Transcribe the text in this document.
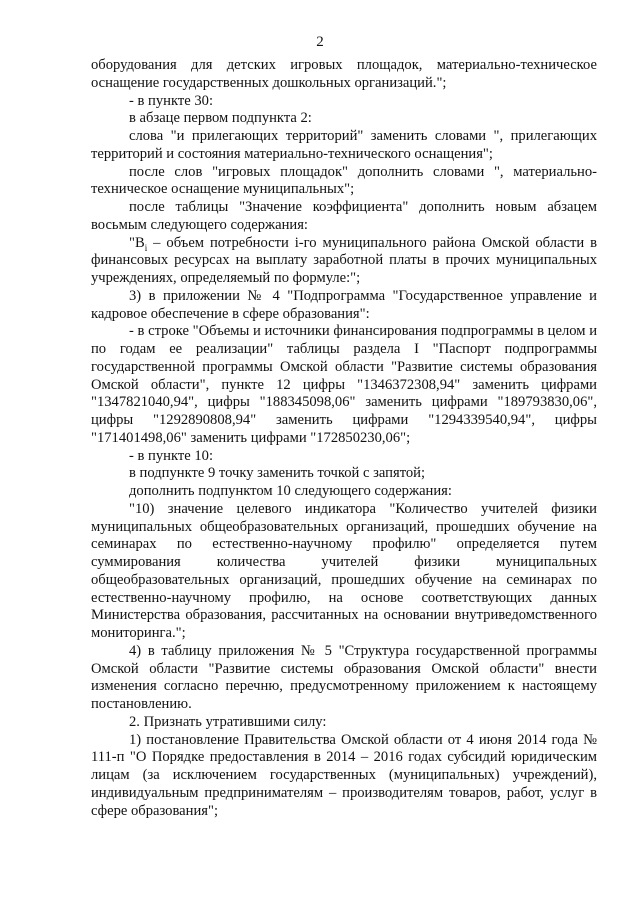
2

оборудования для детских игровых площадок, материально-техническое оснащение государственных дошкольных организаций.";

- в пункте 30:

в абзаце первом подпункта 2:

слова "и прилегающих территорий" заменить словами ", прилегающих территорий и состояния материально-технического оснащения";

после слов "игровых площадок" дополнить словами ", материально-техническое оснащение муниципальных";

после таблицы "Значение коэффициента" дополнить новым абзацем восьмым следующего содержания:

"$B_i$ – объем потребности i-го муниципального района Омской области в финансовых ресурсах на выплату заработной платы в прочих муниципальных учреждениях, определяемый по формуле:";

3) в приложении № 4 "Подпрограмма "Государственное управление и кадровое обеспечение в сфере образования":

- в строке "Объемы и источники финансирования подпрограммы в целом и по годам ее реализации" таблицы раздела I "Паспорт подпрограммы государственной программы Омской области "Развитие системы образования Омской области", пункте 12 цифры "1346372308,94" заменить цифрами "1347821040,94", цифры "188345098,06" заменить цифрами "189793830,06", цифры "1292890808,94" заменить цифрами "1294339540,94", цифры "171401498,06" заменить цифрами "172850230,06";

- в пункте 10:

в подпункте 9 точку заменить точкой с запятой;

дополнить подпунктом 10 следующего содержания:

"10) значение целевого индикатора "Количество учителей физики муниципальных общеобразовательных организаций, прошедших обучение на семинарах по естественно-научному профилю" определяется путем суммирования количества учителей физики муниципальных общеобразовательных организаций, прошедших обучение на семинарах по естественно-научному профилю, на основе соответствующих данных Министерства образования, рассчитанных на основании внутриведомственного мониторинга.";

4) в таблицу приложения № 5 "Структура государственной программы Омской области "Развитие системы образования Омской области" внести изменения согласно перечню, предусмотренному приложением к настоящему постановлению.

2. Признать утратившими силу:

1) постановление Правительства Омской области от 4 июня 2014 года № 111-п "О Порядке предоставления в 2014 – 2016 годах субсидий юридическим лицам (за исключением государственных (муниципальных) учреждений), индивидуальным предпринимателям – производителям товаров, работ, услуг в сфере образования";
